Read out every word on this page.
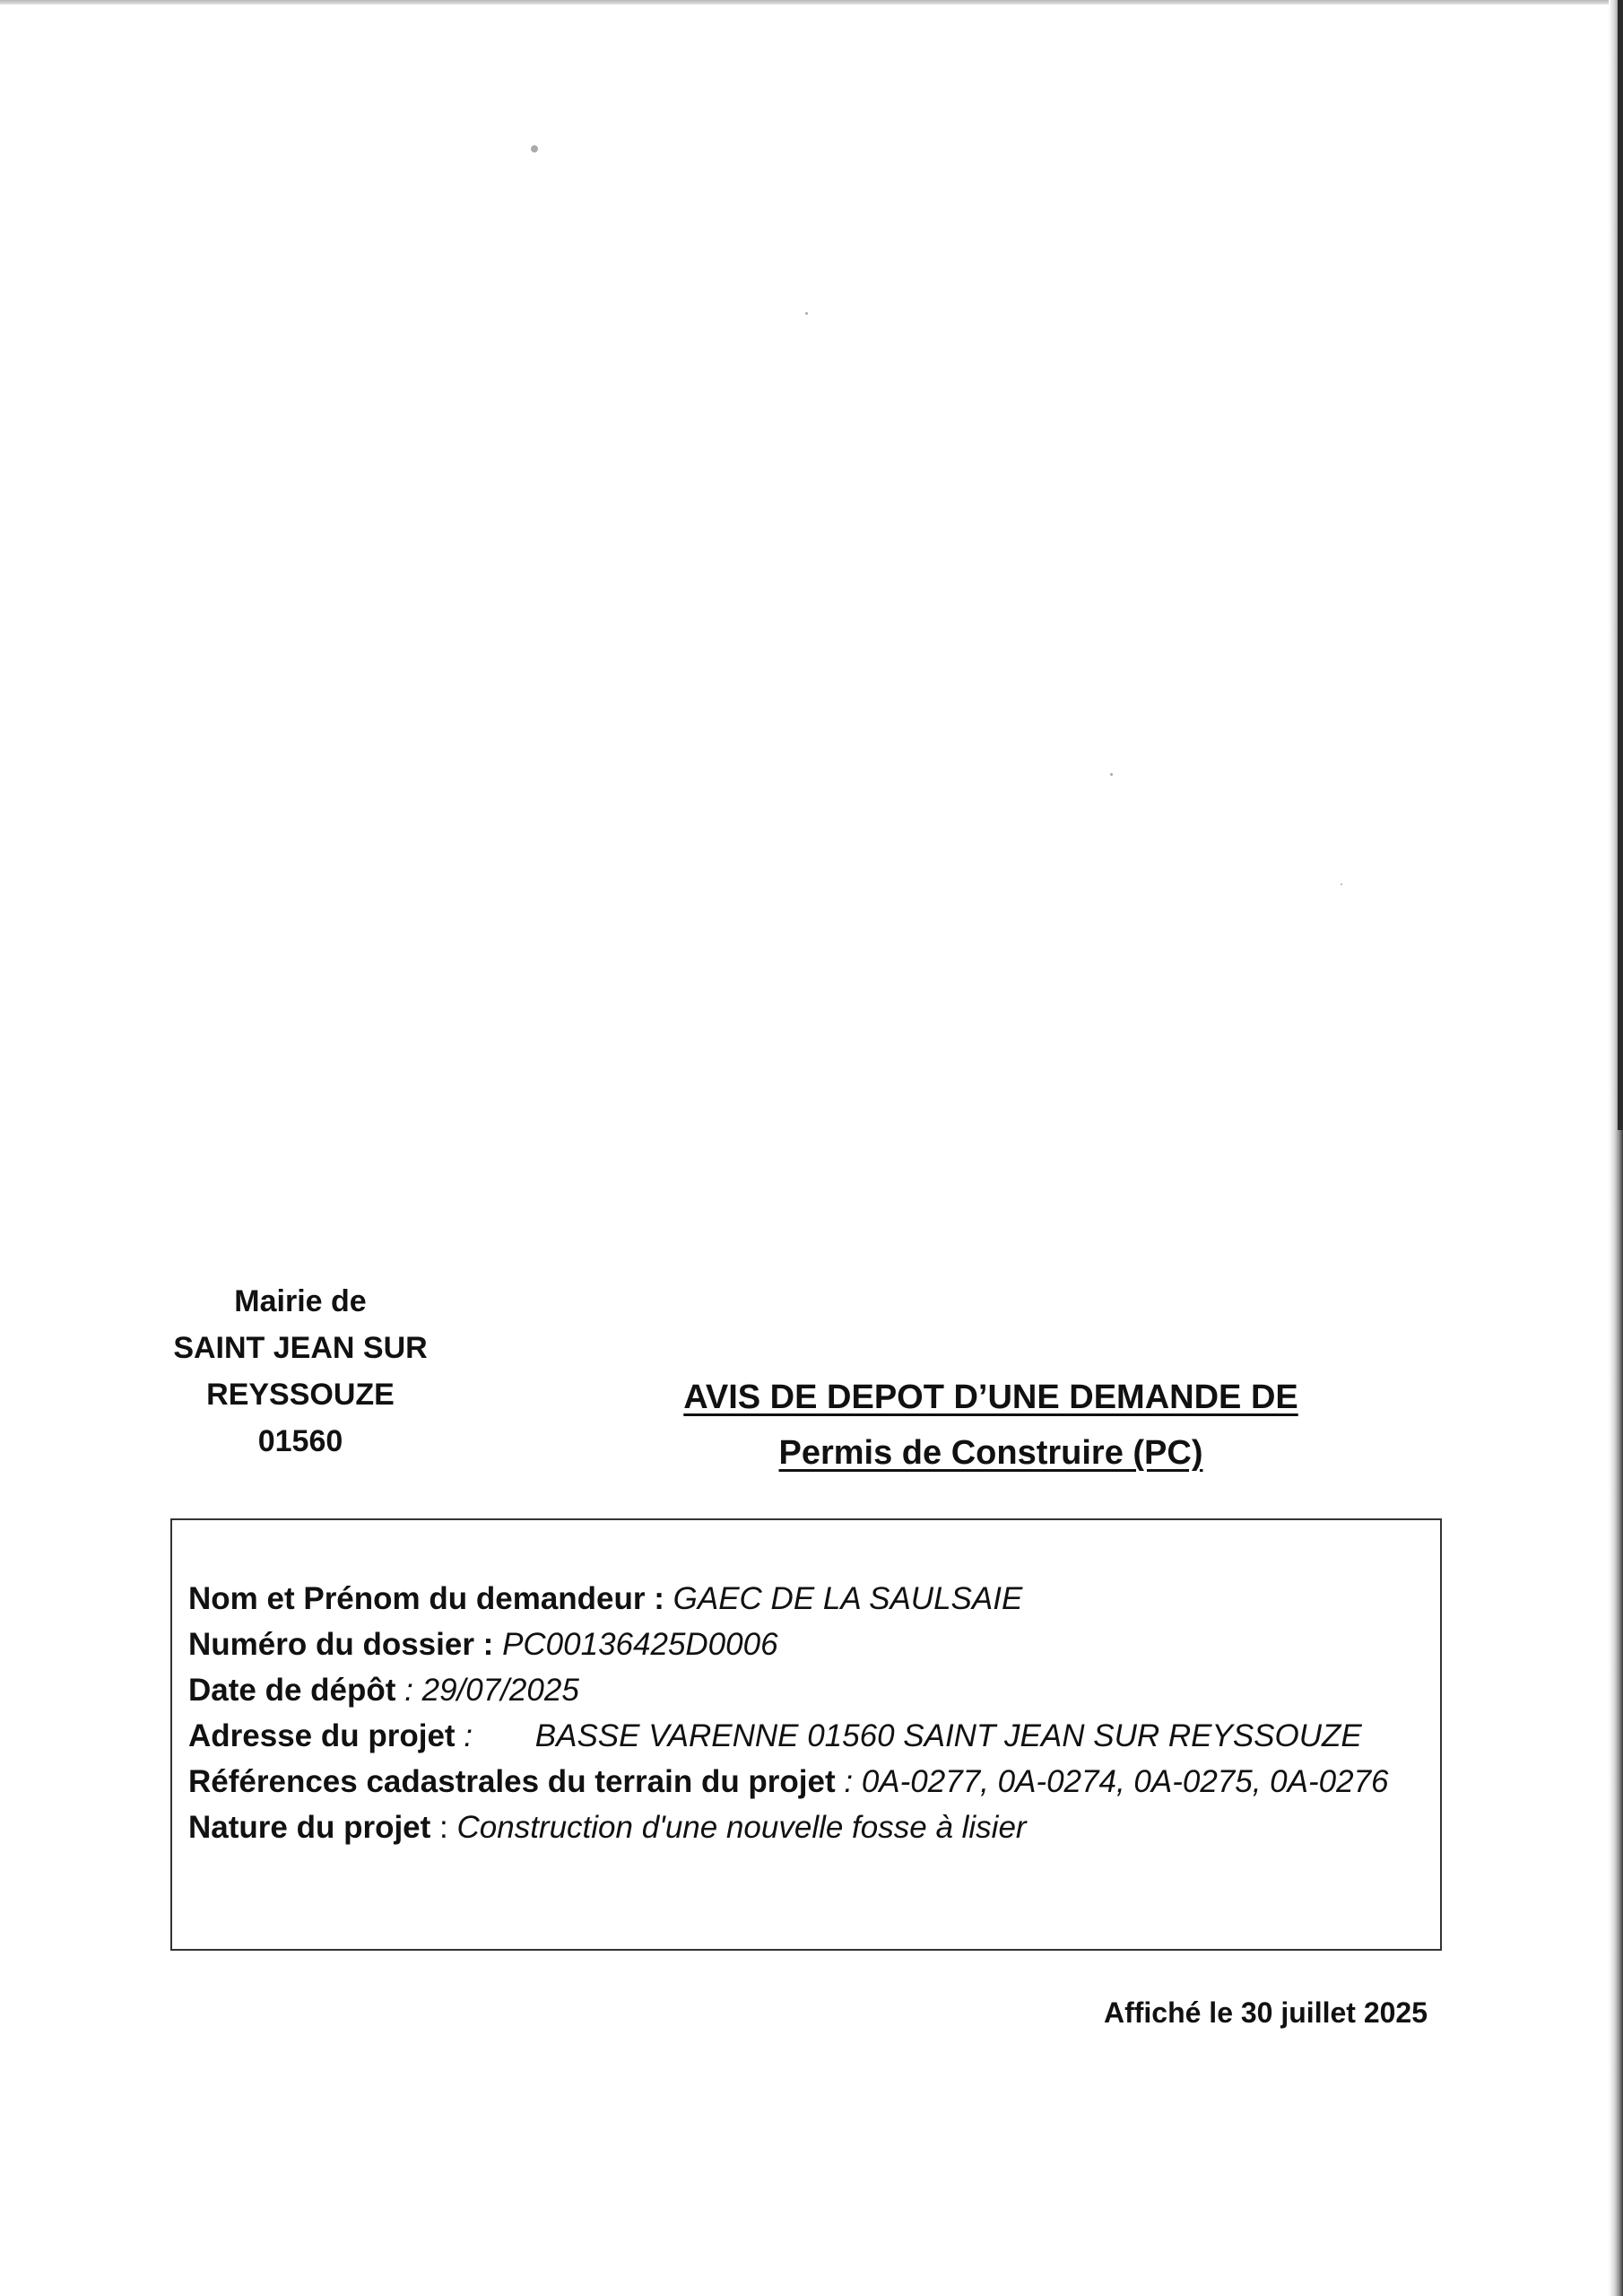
Mairie de
SAINT JEAN SUR
REYSSOUZE
01560
AVIS DE DEPOT D’UNE DEMANDE DE
Permis de Construire (PC)
Nom et Prénom du demandeur : GAEC DE LA SAULSAIE
Numéro du dossier : PC00136425D0006
Date de dépôt : 29/07/2025
Adresse du projet : BASSE VARENNE 01560 SAINT JEAN SUR REYSSOUZE
Références cadastrales du terrain du projet : 0A-0277, 0A-0274, 0A-0275, 0A-0276
Nature du projet : Construction d'une nouvelle fosse à lisier
Affiché le 30 juillet 2025
